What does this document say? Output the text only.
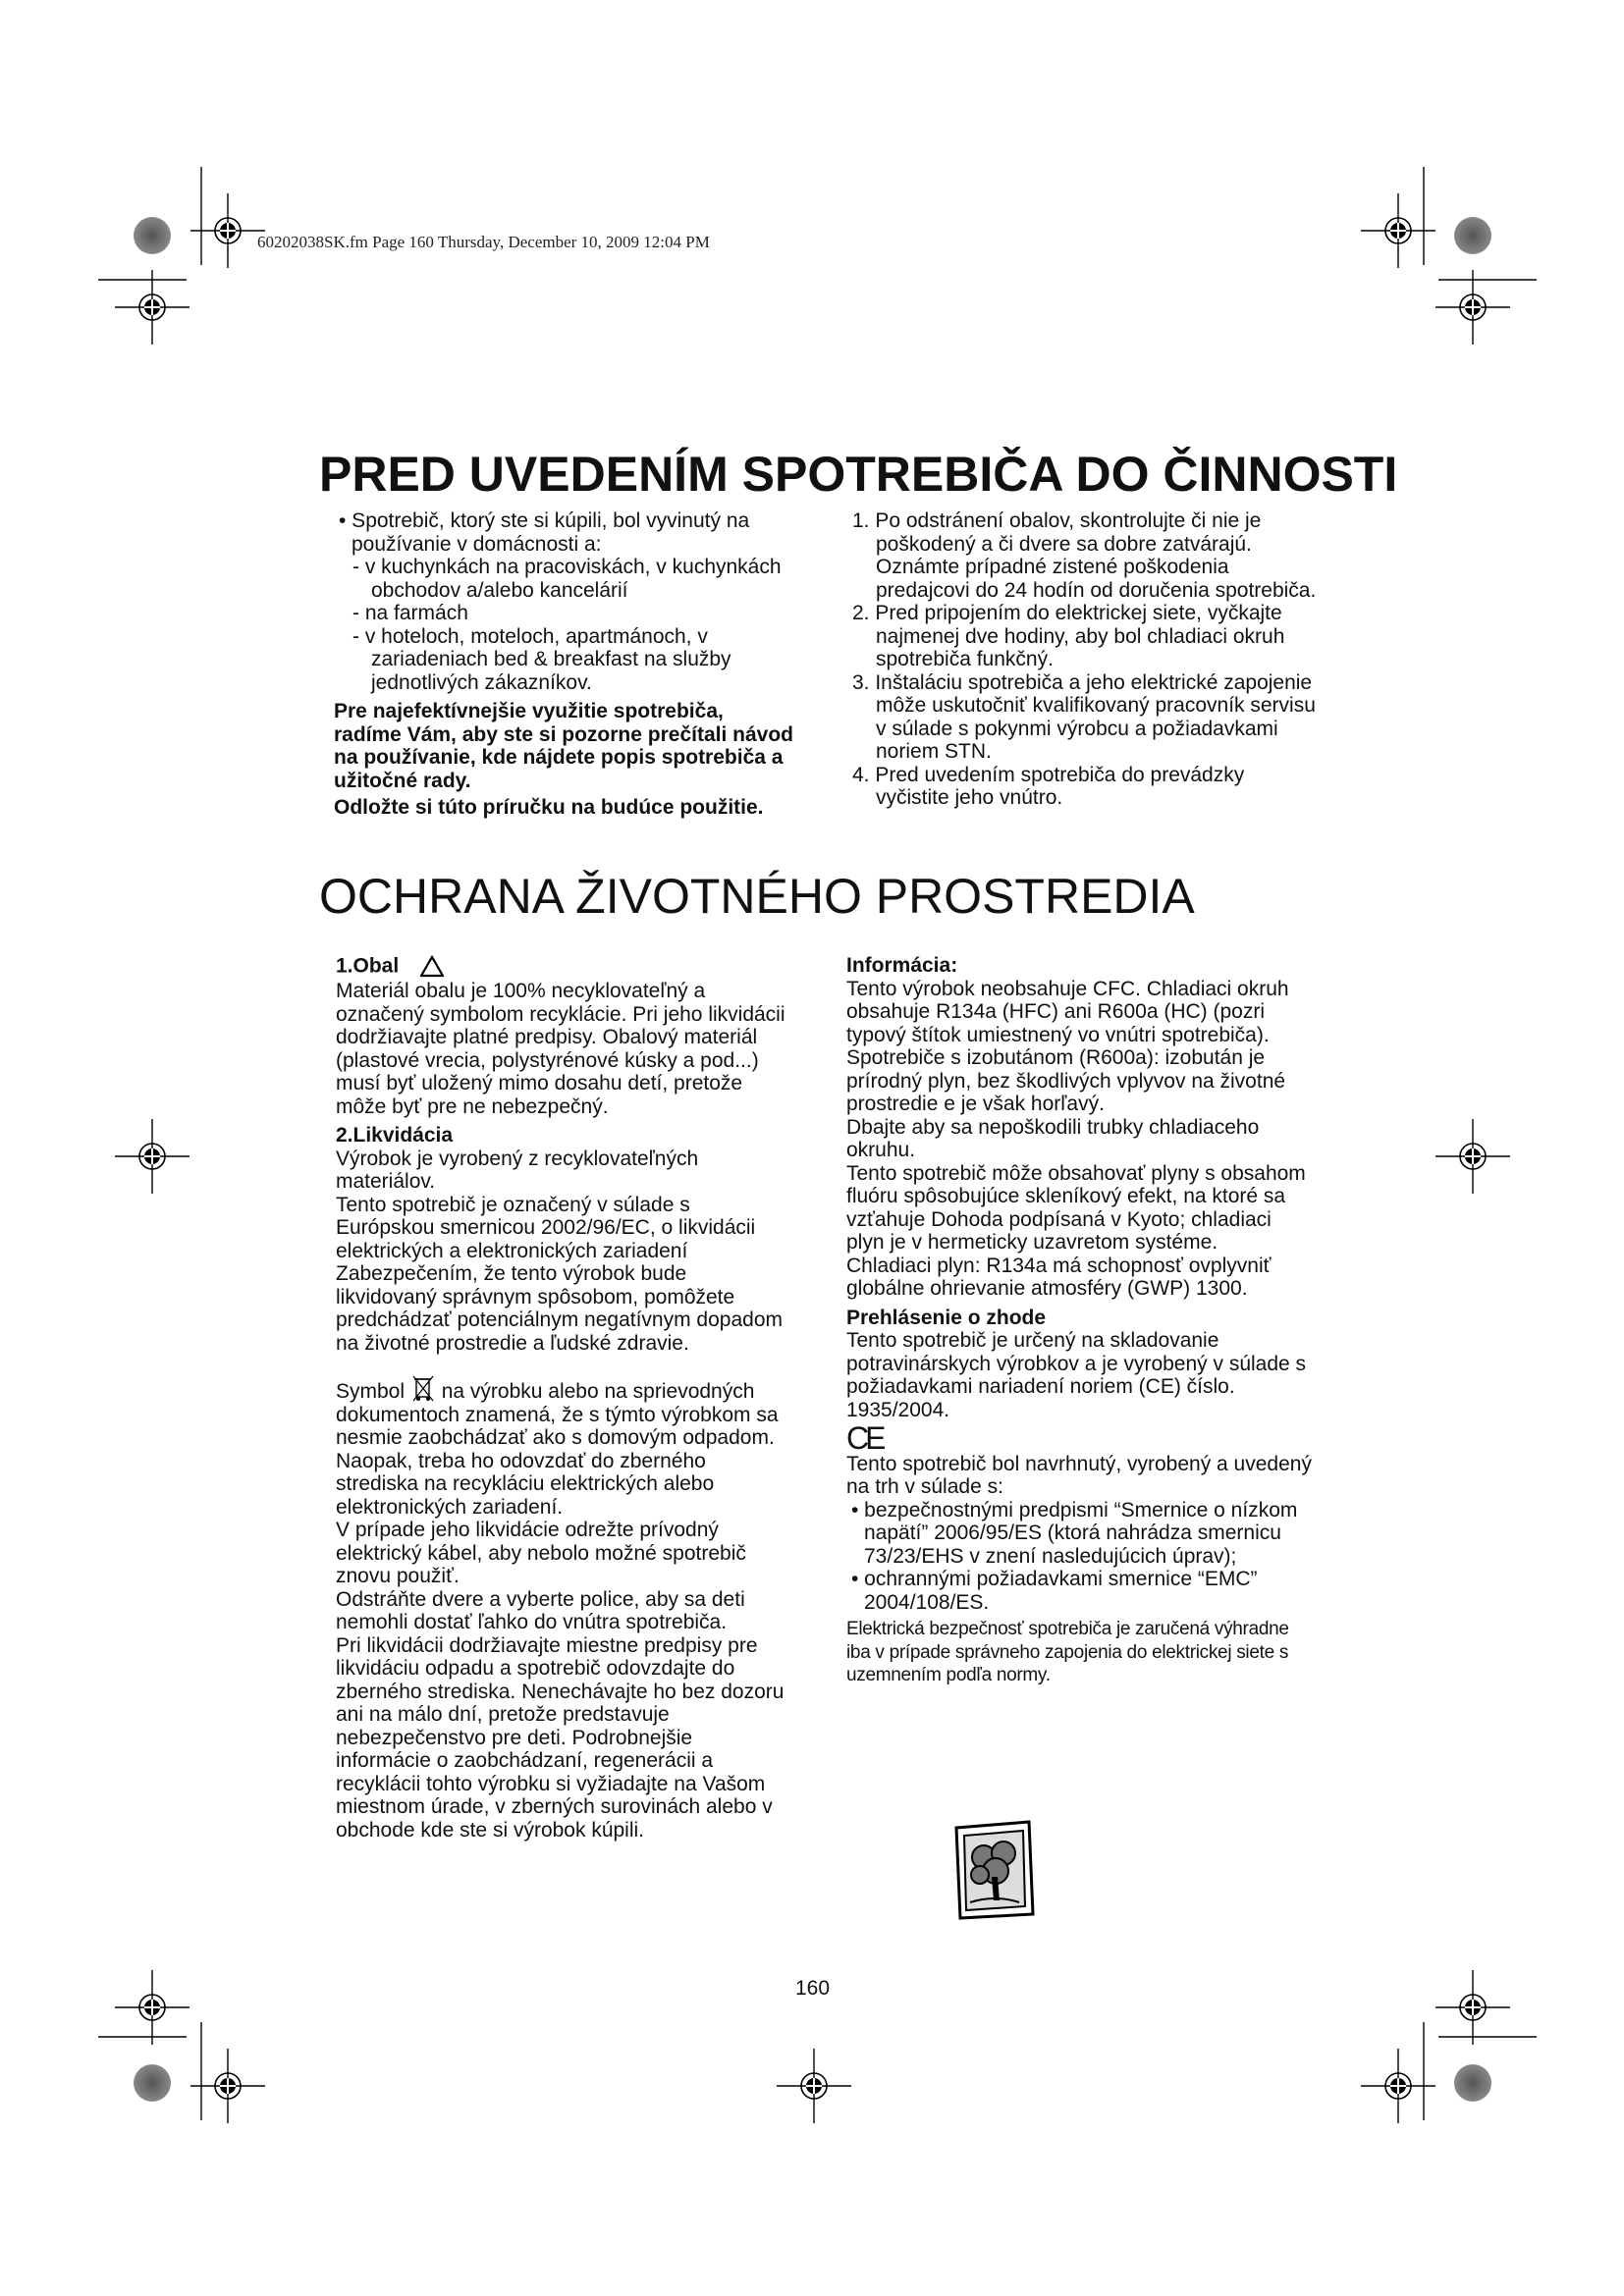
60202038SK.fm Page 160 Thursday, December 10, 2009 12:04 PM
PRED UVEDENÍM SPOTREBIČA DO ČINNOSTI

• Spotrebič, ktorý ste si kúpili, bol vyvinutý na používanie v domácnosti a:

- v kuchynkách na pracoviskách, v kuchynkách obchodov a/alebo kancelárií

- na farmách

- v hoteloch, moteloch, apartmánoch, v zariadeniach bed & breakfast na služby jednotlivých zákazníkov.

Pre najefektívnejšie využitie spotrebiča, radíme Vám, aby ste si pozorne prečítali návod na používanie, kde nájdete popis spotrebiča a užitočné rady.

Odložte si túto príručku na budúce použitie.

1. Po odstránení obalov, skontrolujte či nie je poškodený a či dvere sa dobre zatvárajú. Oznámte prípadné zistené poškodenia predajcovi do 24 hodín od doručenia spotrebiča.

2. Pred pripojením do elektrickej siete, vyčkajte najmenej dve hodiny, aby bol chladiaci okruh spotrebiča funkčný.

3. Inštaláciu spotrebiča a jeho elektrické zapojenie môže uskutočniť kvalifikovaný pracovník servisu v súlade s pokynmi výrobcu a požiadavkami noriem STN.

4. Pred uvedením spotrebiča do prevádzky vyčistite jeho vnútro.

OCHRANA ŽIVOTNÉHO PROSTREDIA

1.Obal

Materiál obalu je 100% necyklovateľný a označený symbolom recyklácie. Pri jeho likvidácii dodržiavajte platné predpisy. Obalový materiál (plastové vrecia, polystyrénové kúsky a pod...) musí byť uložený mimo dosahu detí, pretože môže byť pre ne nebezpečný.

2.Likvidácia

Výrobok je vyrobený z recyklovateľných materiálov.

Tento spotrebič je označený v súlade s Európskou smernicou 2002/96/EC, o likvidácii elektrických a elektronických zariadení Zabezpečením, že tento výrobok bude likvidovaný správnym spôsobom, pomôžete predchádzať potenciálnym negatívnym dopadom na životné prostredie a ľudské zdravie.

Symbol na výrobku alebo na sprievodných dokumentoch znamená, že s týmto výrobkom sa nesmie zaobchádzať ako s domovým odpadom.

Naopak, treba ho odovzdať do zberného strediska na recykláciu elektrických alebo elektronických zariadení.

V prípade jeho likvidácie odrežte prívodný elektrický kábel, aby nebolo možné spotrebič znovu použiť.

Odstráňte dvere a vyberte police, aby sa deti nemohli dostať ľahko do vnútra spotrebiča.

Pri likvidácii dodržiavajte miestne predpisy pre likvidáciu odpadu a spotrebič odovzdajte do zberného strediska. Nenechávajte ho bez dozoru ani na málo dní, pretože predstavuje nebezpečenstvo pre deti. Podrobnejšie informácie o zaobchádzaní, regenerácii a recyklácii tohto výrobku si vyžiadajte na Vašom miestnom úrade, v zberných surovinách alebo v obchode kde ste si výrobok kúpili.

Informácia:

Tento výrobok neobsahuje CFC. Chladiaci okruh obsahuje R134a (HFC) ani R600a (HC) (pozri typový štítok umiestnený vo vnútri spotrebiča).

Spotrebiče s izobutánom (R600a): izobután je prírodný plyn, bez škodlivých vplyvov na životné prostredie e je však horľavý.

Dbajte aby sa nepoškodili trubky chladiaceho okruhu.

Tento spotrebič môže obsahovať plyny s obsahom fluóru spôsobujúce skleníkový efekt, na ktoré sa vzťahuje Dohoda podpísaná v Kyoto; chladiaci plyn je v hermeticky uzavretom systéme.

Chladiaci plyn: R134a má schopnosť ovplyvniť globálne ohrievanie atmosféry (GWP) 1300.

Prehlásenie o zhode

Tento spotrebič je určený na skladovanie potravinárskych výrobkov a je vyrobený v súlade s požiadavkami nariadení noriem (CE) číslo. 1935/2004.

CE

Tento spotrebič bol navrhnutý, vyrobený a uvedený na trh v súlade s:

• bezpečnostnými predpismi “Smernice o nízkom napätí” 2006/95/ES (ktorá nahrádza smernicu 73/23/EHS v znení nasledujúcich úprav);

• ochrannými požiadavkami smernice “EMC” 2004/108/ES.

Elektrická bezpečnosť spotrebiča je zaručená výhradne iba v prípade správneho zapojenia do elektrickej siete s uzemnením podľa normy.

160
